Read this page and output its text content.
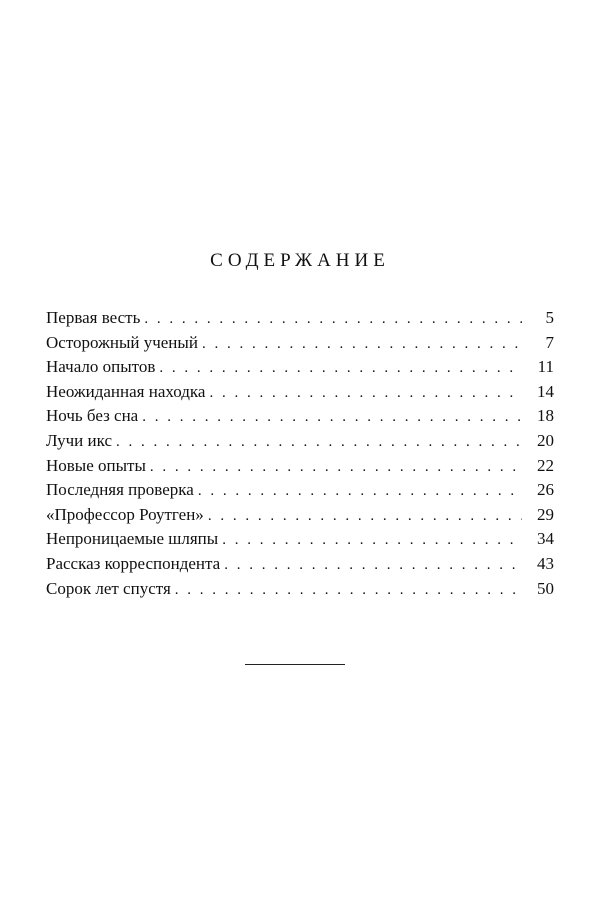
СОДЕРЖАНИЕ
Первая весть . . .	5
Осторожный ученый . . .	7
Начало опытов . . .	11
Неожиданная находка . . .	14
Ночь без сна . . .	18
Лучи икс . . .	20
Новые опыты . . .	22
Последняя проверка . . .	26
«Профессор Роутген» . . .	29
Непроницаемые шляпы . . .	34
Рассказ корреспондента . . .	43
Сорок лет спустя . . .	50
